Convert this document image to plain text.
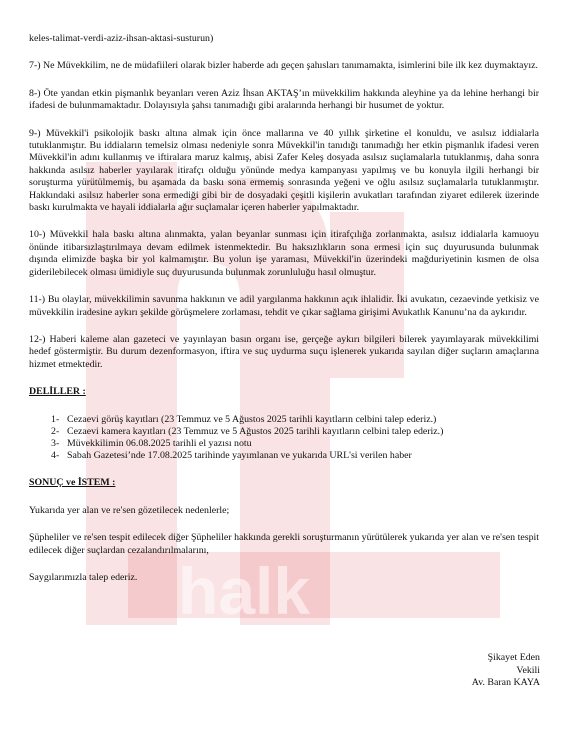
halk

keles-talimat-verdi-aziz-ihsan-aktasi-susturun)

7-) Ne Müvekkilim, ne de müdafiileri olarak bizler haberde adı geçen şahısları tanımamakta, isimlerini bile ilk kez duymaktayız.

8-) Öte yandan etkin pişmanlık beyanları veren Aziz İhsan AKTAŞ’ın müvekkilim hakkında aleyhine ya da lehine herhangi bir ifadesi de bulunmamaktadır. Dolayısıyla şahsı tanımadığı gibi aralarında herhangi bir husumet de yoktur.

9-) Müvekkil'i psikolojik baskı altına almak için önce mallarına ve 40 yıllık şirketine el konuldu, ve asılsız iddialarla tutuklanmıştır. Bu iddiaların temelsiz olması nedeniyle sonra Müvekkil'in tanıdığı tanımadığı her etkin pişmanlık ifadesi veren Müvekkil'in adını kullanmış ve iftiralara maruz kalmış, abisi Zafer Keleş dosyada asılsız suçlamalarla tutuklanmış, daha sonra hakkında asılsız haberler yayılarak itirafçı olduğu yönünde medya kampanyası yapılmış ve bu konuyla ilgili herhangi bir soruşturma yürütülmemiş, bu aşamada da baskı sona ermemiş sonrasında yeğeni ve oğlu asılsız suçlamalarla tutuklanmıştır. Hakkındaki asılsız haberler sona ermediği gibi bir de dosyadaki çeşitli kişilerin avukatları tarafından ziyaret edilerek üzerinde baskı kurulmakta ve hayali iddialarla ağır suçlamalar içeren haberler yapılmaktadır.

10-) Müvekkil hala baskı altına alınmakta, yalan beyanlar sunması için itirafçılığa zorlanmakta, asılsız iddialarla kamuoyu önünde itibarsızlaştırılmaya devam edilmek istenmektedir. Bu haksızlıkların sona ermesi için suç duyurusunda bulunmak dışında elimizde başka bir yol kalmamıştır. Bu yolun işe yaraması, Müvekkil'in üzerindeki mağduriyetinin kısmen de olsa giderilebilecek olması ümidiyle suç duyurusunda bulunmak zorunluluğu hasıl olmuştur.

11-) Bu olaylar, müvekkilimin savunma hakkının ve adil yargılanma hakkının açık ihlalidir. İki avukatın, cezaevinde yetkisiz ve müvekkilin iradesine aykırı şekilde görüşmelere zorlaması, tehdit ve çıkar sağlama girişimi Avukatlık Kanunu’na da aykırıdır.

12-) Haberi kaleme alan gazeteci ve yayınlayan basın organı ise, gerçeğe aykırı bilgileri bilerek yayımlayarak müvekkilimi hedef göstermiştir. Bu durum dezenformasyon, iftira ve suç uydurma suçu işlenerek yukarıda sayılan diğer suçların amaçlarına hizmet etmektedir.

DELİLLER :

1- Cezaevi görüş kayıtları (23 Temmuz ve 5 Ağustos 2025 tarihli kayıtların celbini talep ederiz.)
2- Cezaevi kamera kayıtları (23 Temmuz ve 5 Ağustos 2025 tarihli kayıtların celbini talep ederiz.)
3- Müvekkilimin 06.08.2025 tarihli el yazısı notu
4- Sabah Gazetesi’nde 17.08.2025 tarihinde yayımlanan ve yukarıda URL'si verilen haber

SONUÇ ve İSTEM :

Yukarıda yer alan ve re'sen gözetilecek nedenlerle;

Şüpheliler ve re'sen tespit edilecek diğer Şüpheliler hakkında gerekli soruşturmanın yürütülerek yukarıda yer alan ve re'sen tespit edilecek diğer suçlardan cezalandırılmalarını,

Saygılarımızla talep ederiz.

Şikayet Eden
Vekili
Av. Baran KAYA
